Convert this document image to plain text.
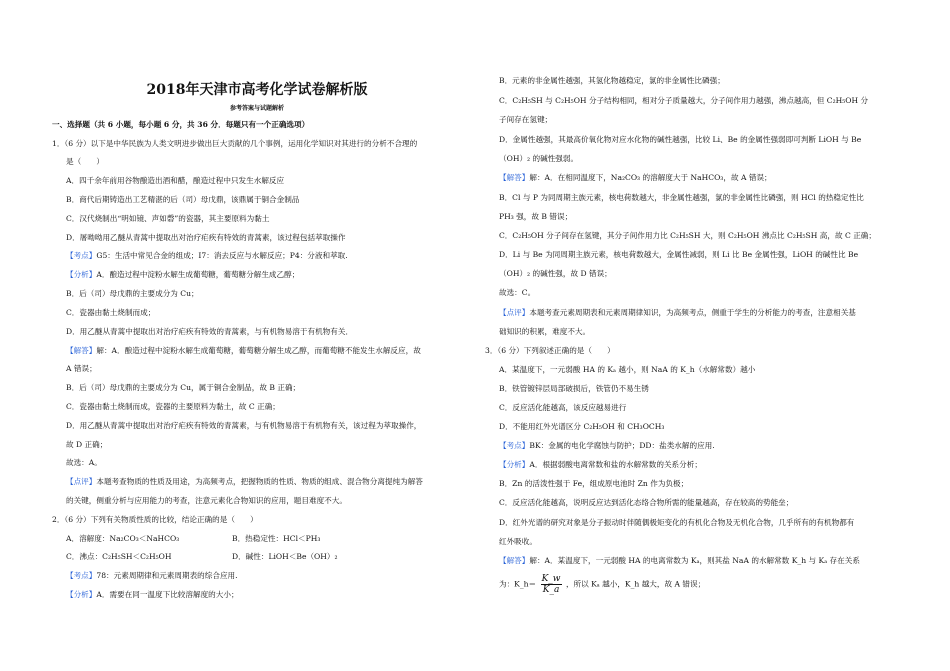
2018年天津市高考化学试卷解析版
参考答案与试题解析
一、选择题（共 6 小题，每小题 6 分，共 36 分．每题只有一个正确选项）
1．（6 分）以下是中华民族为人类文明进步做出巨大贡献的几个事例，运用化学知识对其进行的分析不合理的
是（　　）
A．四千余年前用谷物酿造出酒和醋，酿造过程中只发生水解反应
B．商代后期铸造出工艺精湛的后（司）母戊鼎，该鼎属于铜合金制品
C．汉代烧制出“明如镜、声如磬”的瓷器，其主要原料为黏土
D．屠呦呦用乙醚从青蒿中提取出对治疗疟疾有特效的青蒿素，该过程包括萃取操作
【考点】G5：生活中常见合金的组成；I7：消去反应与水解反应；P4：分液和萃取.
【分析】A．酿造过程中淀粉水解生成葡萄糖，葡萄糖分解生成乙醇；
B．后（司）母戊鼎的主要成分为 Cu；
C．瓷器由黏土烧制而成；
D．用乙醚从青蒿中提取出对治疗疟疾有特效的青蒿素，与有机物易溶于有机物有关．
【解答】解：A．酿造过程中淀粉水解生成葡萄糖，葡萄糖分解生成乙醇，而葡萄糖不能发生水解反应，故
A 错误；
B．后（司）母戊鼎的主要成分为 Cu，属于铜合金制品，故 B 正确；
C．瓷器由黏土烧制而成，瓷器的主要原料为黏土，故 C 正确；
D．用乙醚从青蒿中提取出对治疗疟疾有特效的青蒿素，与有机物易溶于有机物有关，该过程为萃取操作，
故 D 正确；
故选：A。
【点评】本题考查物质的性质及用途，为高频考点，把握物质的性质、物质的组成、混合物分离提纯为解答
的关键，侧重分析与应用能力的考查，注意元素化合物知识的应用，题目难度不大。
2．（6 分）下列有关物质性质的比较，结论正确的是（　　）
A．溶解度：Na₂CO₃＜NaHCO₃	B．热稳定性：HCl＜PH₃
C．沸点：C₂H₅SH＜C₂H₅OH	D．碱性：LiOH＜Be（OH）₂
【考点】78：元素周期律和元素周期表的综合应用.
【分析】A．需要在同一温度下比较溶解度的大小；
B．元素的非金属性越强，其氢化物越稳定，氯的非金属性比磷强；
C．C₂H₅SH 与 C₂H₅OH 分子结构相同，相对分子质量越大，分子间作用力越强，沸点越高，但 C₂H₅OH 分
子间存在氢键；
D．金属性越强，其最高价氧化物对应水化物的碱性越强，比较 Li、Be 的金属性强弱即可判断 LiOH 与 Be
（OH）₂ 的碱性强弱。
【解答】解：A．在相同温度下，Na₂CO₃ 的溶解度大于 NaHCO₃，故 A 错误；
B．Cl 与 P 为同周期主族元素，核电荷数越大，非金属性越强，氯的非金属性比磷强，则 HCl 的热稳定性比
PH₃ 强，故 B 错误；
C．C₂H₅OH 分子间存在氢键，其分子间作用力比 C₂H₅SH 大，则 C₂H₅OH 沸点比 C₂H₅SH 高，故 C 正确；
D．Li 与 Be 为同周期主族元素，核电荷数越大，金属性减弱，则 Li 比 Be 金属性强，LiOH 的碱性比 Be
（OH）₂ 的碱性强，故 D 错误；
故选：C。
【点评】本题考查元素周期表和元素周期律知识，为高频考点，侧重于学生的分析能力的考查，注意相关基
础知识的积累，难度不大。
3．（6 分）下列叙述正确的是（　　）
A．某温度下，一元弱酸 HA 的 Kₐ 越小，则 NaA 的 K_h（水解常数）越小
B．铁管镀锌层局部破损后，铁管仍不易生锈
C．反应活化能越高，该反应越易进行
D．不能用红外光谱区分 C₂H₅OH 和 CH₃OCH₃
【考点】BK：金属的电化学腐蚀与防护；DD：盐类水解的应用.
【分析】A．根据弱酸电离常数和盐的水解常数的关系分析；
B．Zn 的活泼性强于 Fe，组成原电池时 Zn 作为负极；
C．反应活化能越高，说明反应达到活化态络合物所需的能量越高，存在较高的势能垒；
D．红外光谱的研究对象是分子振动时伴随偶极矩变化的有机化合物及无机化合物，几乎所有的有机物都有
红外吸收。
【解答】解：A．某温度下，一元弱酸 HA 的电离常数为 Kₐ，则其盐 NaA 的水解常数 K_h 与 Kₐ 存在关系
为：K_h＝ $\frac{K\_w}{K\_a}$ ，所以 Kₐ 越小，K_h 越大，故 A 错误；
